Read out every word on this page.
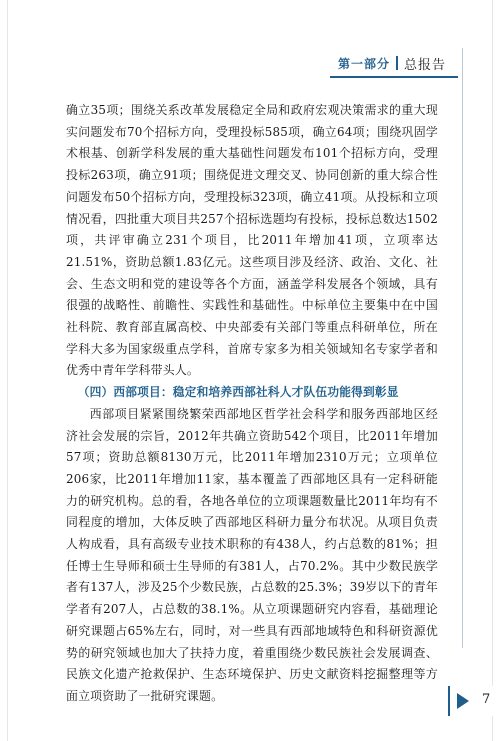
第一部分 总报告

确立35项；围绕关系改革发展稳定全局和政府宏观决策需求的重大现实问题发布70个招标方向，受理投标585项，确立64项；围绕巩固学术根基、创新学科发展的重大基础性问题发布101个招标方向，受理投标263项，确立91项；围绕促进文理交叉、协同创新的重大综合性问题发布50个招标方向，受理投标323项，确立41项。从投标和立项情况看，四批重大项目共257个招标选题均有投标，投标总数达1502项，共评审确立231个项目，比2011年增加41项，立项率达21.51%，资助总额1.83亿元。这些项目涉及经济、政治、文化、社会、生态文明和党的建设等各个方面，涵盖学科发展各个领域，具有很强的战略性、前瞻性、实践性和基础性。中标单位主要集中在中国社科院、教育部直属高校、中央部委有关部门等重点科研单位，所在学科大多为国家级重点学科，首席专家多为相关领域知名专家学者和优秀中青年学科带头人。

（四）西部项目：稳定和培养西部社科人才队伍功能得到彰显

西部项目紧紧围绕繁荣西部地区哲学社会科学和服务西部地区经济社会发展的宗旨，2012年共确立资助542个项目，比2011年增加57项；资助总额8130万元，比2011年增加2310万元；立项单位206家，比2011年增加11家，基本覆盖了西部地区具有一定科研能力的研究机构。总的看，各地各单位的立项课题数量比2011年均有不同程度的增加，大体反映了西部地区科研力量分布状况。从项目负责人构成看，具有高级专业技术职称的有438人，约占总数的81%；担任博士生导师和硕士生导师的有381人，占70.2%。其中少数民族学者有137人，涉及25个少数民族，占总数的25.3%；39岁以下的青年学者有207人，占总数的38.1%。从立项课题研究内容看，基础理论研究课题占65%左右，同时，对一些具有西部地域特色和科研资源优势的研究领域也加大了扶持力度，着重围绕少数民族社会发展调查、民族文化遗产抢救保护、生态环境保护、历史文献资料挖掘整理等方面立项资助了一批研究课题。	7
